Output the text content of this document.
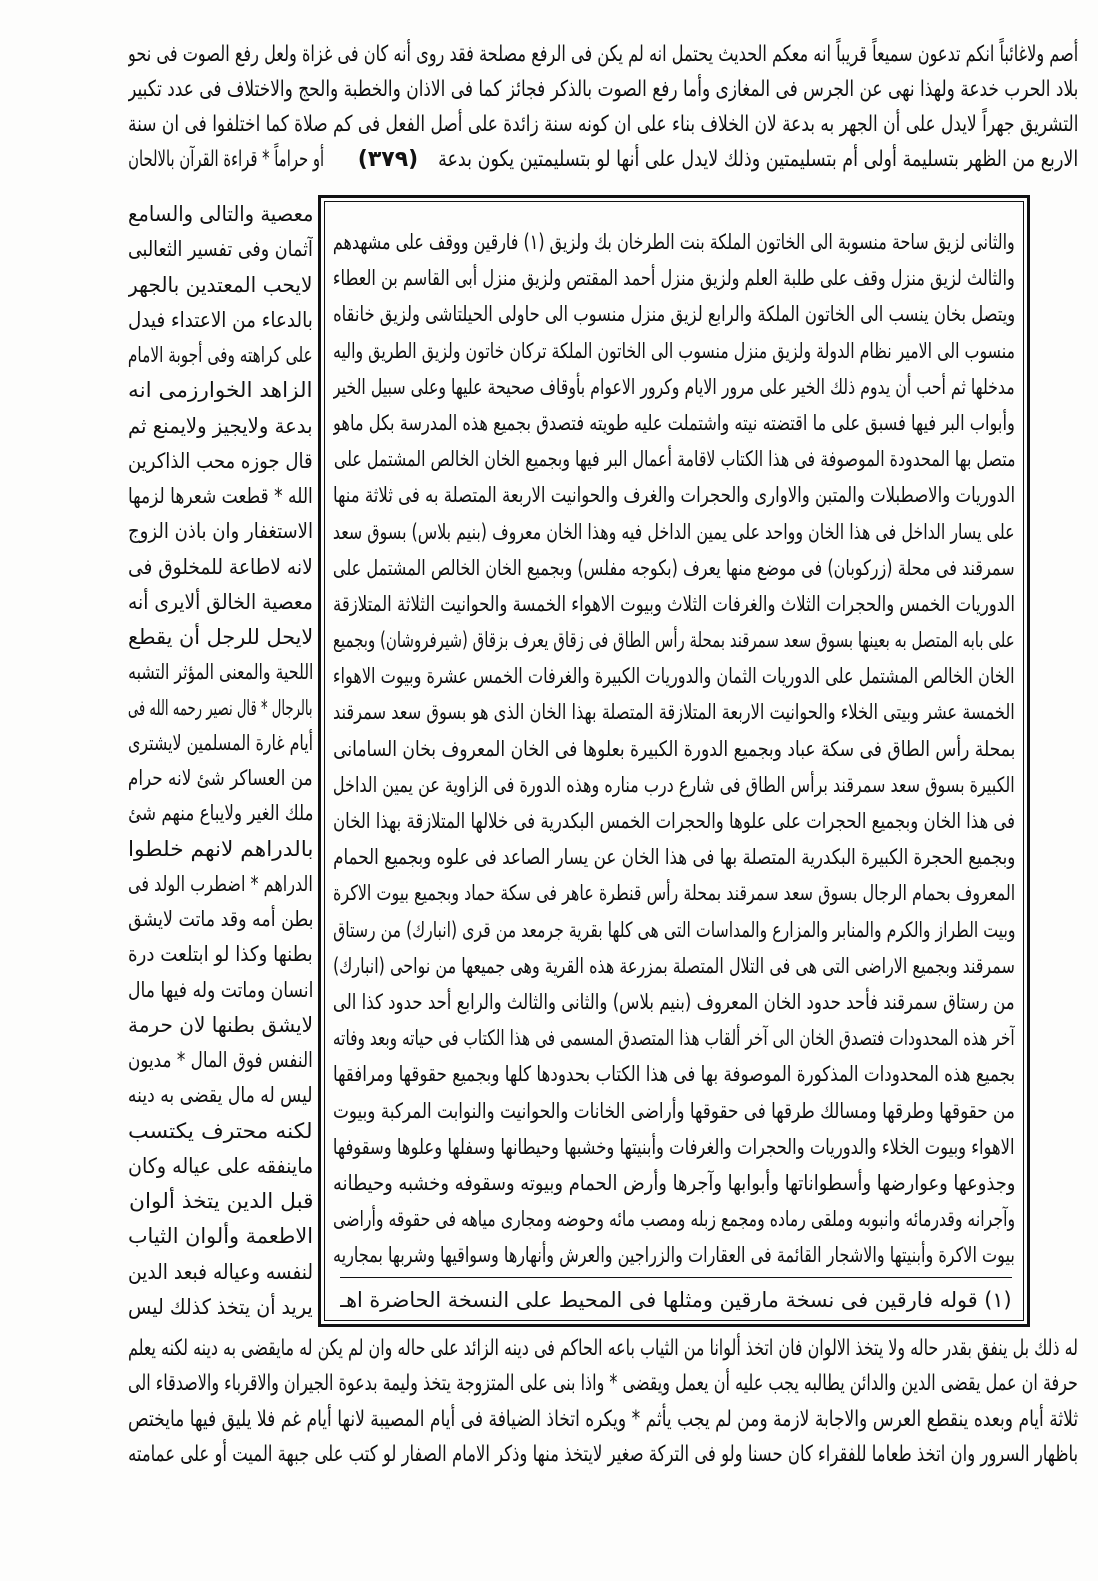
أصم ولاغائباً انكم تدعون سميعاً قريباً انه معكم الحديث يحتمل انه لم يكن فى الرفع مصلحة فقد روى أنه كان فى غزاة ولعل رفع الصوت فى نحو
بلاد الحرب خدعة ولهذا نهى عن الجرس فى المغازى وأما رفع الصوت بالذكر فجائز كما فى الاذان والخطبة والحج والاختلاف فى عدد تكبير
التشريق جهراً لايدل على أن الجهر به بدعة لان الخلاف بناء على ان كونه سنة زائدة على أصل الفعل فى كم صلاة كما اختلفوا فى ان سنة
الاربع من الظهر بتسليمة أولى أم بتسليمتين وذلك لايدل على أنها لو بتسليمتين يكون بدعة
(٣٧٩)
أو حراماً * قراءة القرآن بالالحان
والثانى لزيق ساحة منسوبة الى الخاتون الملكة بنت الطرخان بك ولزيق (١) فارقين ووقف على مشهدهم
والثالث لزيق منزل وقف على طلبة العلم ولزيق منزل أحمد المقتص ولزيق منزل أبى القاسم بن العطاء
ويتصل بخان ينسب الى الخاتون الملكة والرابع لزيق منزل منسوب الى حاولى الحيلتاشى ولزيق خانقاه
منسوب الى الامير نظام الدولة ولزيق منزل منسوب الى الخاتون الملكة تركان خاتون ولزيق الطريق واليه
مدخلها ثم أحب أن يدوم ذلك الخير على مرور الايام وكرور الاعوام بأوقاف صحيحة عليها وعلى سبيل الخير
وأبواب البر فيها فسبق على ما اقتضته نيته واشتملت عليه طويته فتصدق بجميع هذه المدرسة بكل ماهو
متصل بها المحدودة الموصوفة فى هذا الكتاب لاقامة أعمال البر فيها وبجميع الخان الخالص المشتمل على
الدوريات والاصطبلات والمتبن والاوارى والحجرات والغرف والحوانيت الاربعة المتصلة به فى ثلاثة منها
على يسار الداخل فى هذا الخان وواحد على يمين الداخل فيه وهذا الخان معروف (بنيم بلاس) بسوق سعد
سمرقند فى محلة (زركوبان) فى موضع منها يعرف (بكوجه مفلس) وبجميع الخان الخالص المشتمل على
الدوريات الخمس والحجرات الثلاث والغرفات الثلاث وبيوت الاهواء الخمسة والحوانيت الثلاثة المتلازقة
على بابه المتصل به بعينها بسوق سعد سمرقند بمحلة رأس الطاق فى زقاق يعرف بزقاق (شيرفروشان) وبجميع
الخان الخالص المشتمل على الدوريات الثمان والدوريات الكبيرة والغرفات الخمس عشرة وبيوت الاهواء
الخمسة عشر وبيتى الخلاء والحوانيت الاربعة المتلازقة المتصلة بهذا الخان الذى هو بسوق سعد سمرقند
بمحلة رأس الطاق فى سكة عباد وبجميع الدورة الكبيرة بعلوها فى الخان المعروف بخان السامانى
الكبيرة بسوق سعد سمرقند برأس الطاق فى شارع درب مناره وهذه الدورة فى الزاوية عن يمين الداخل
فى هذا الخان وبجميع الحجرات على علوها والحجرات الخمس البكدرية فى خلالها المتلازقة بهذا الخان
وبجميع الحجرة الكبيرة البكدرية المتصلة بها فى هذا الخان عن يسار الصاعد فى علوه وبجميع الحمام
المعروف بحمام الرجال بسوق سعد سمرقند بمحلة رأس قنطرة عاهر فى سكة حماد وبجميع بيوت الاكرة
وبيت الطراز والكرم والمنابر والمزارع والمداسات التى هى كلها بقرية جرمعد من قرى (انبارك) من رستاق
سمرقند وبجميع الاراضى التى هى فى التلال المتصلة بمزرعة هذه القرية وهى جميعها من نواحى (انبارك)
من رستاق سمرقند فأحد حدود الخان المعروف (بنيم بلاس) والثانى والثالث والرابع أحد حدود كذا الى
آخر هذه المحدودات فتصدق الخان الى آخر ألقاب هذا المتصدق المسمى فى هذا الكتاب فى حياته وبعد وفاته
بجميع هذه المحدودات المذكورة الموصوفة بها فى هذا الكتاب بحدودها كلها وبجميع حقوقها ومرافقها
من حقوقها وطرقها ومسالك طرقها فى حقوقها وأراضى الخانات والحوانيت والنوابت المركبة وبيوت
الاهواء وبيوت الخلاء والدوريات والحجرات والغرفات وأبنيتها وخشبها وحيطانها وسفلها وعلوها وسقوفها
وجذوعها وعوارضها وأسطواناتها وأبوابها وآجرها وأرض الحمام وبيوته وسقوفه وخشبه وحيطانه
وآجرانه وقدرمائه وانبوبه وملقى رماده ومجمع زبله ومصب مائه وحوضه ومجارى مياهه فى حقوقه وأراضى
بيوت الاكرة وأبنيتها والاشجار القائمة فى العقارات والزراجين والعرش وأنهارها وسواقيها وشربها بمجاريه
(١) قوله فارقين فى نسخة مارقين ومثلها فى المحيط على النسخة الحاضرة اهـ
معصية والتالى والسامع
آثمان وفى تفسير الثعالبى
لايحب المعتدين بالجهر
بالدعاء من الاعتداء فيدل
على كراهته وفى أجوبة الامام
الزاهد الخوارزمى انه
بدعة ولايجيز ولايمنع ثم
قال جوزه محب الذاكرين
الله * قطعت شعرها لزمها
الاستغفار وان باذن الزوج
لانه لاطاعة للمخلوق فى
معصية الخالق ألايرى أنه
لايحل للرجل أن يقطع
اللحية والمعنى المؤثر التشبه
بالرجال * قال نصير رحمه الله فى
أيام غارة المسلمين لايشترى
من العساكر شئ لانه حرام
ملك الغير ولايباع منهم شئ
بالدراهم لانهم خلطوا
الدراهم * اضطرب الولد فى
بطن أمه وقد ماتت لايشق
بطنها وكذا لو ابتلعت درة
انسان وماتت وله فيها مال
لايشق بطنها لان حرمة
النفس فوق المال * مديون
ليس له مال يقضى به دينه
لكنه محترف يكتسب
ماينفقه على عياله وكان
قبل الدين يتخذ ألوان
الاطعمة وألوان الثياب
لنفسه وعياله فبعد الدين
يريد أن يتخذ كذلك ليس
له ذلك بل ينفق بقدر حاله ولا يتخذ الالوان فان اتخذ ألوانا من الثياب باعه الحاكم فى دينه الزائد على حاله وان لم يكن له مايقضى به دينه لكنه يعلم
حرفة ان عمل يقضى الدين والدائن يطالبه يجب عليه أن يعمل ويقضى * واذا بنى على المتزوجة يتخذ وليمة بدعوة الجيران والاقرباء والاصدقاء الى
ثلاثة أيام وبعده ينقطع العرس والاجابة لازمة ومن لم يجب يأثم * ويكره اتخاذ الضيافة فى أيام المصيبة لانها أيام غم فلا يليق فيها مايختص
باظهار السرور وان اتخذ طعاما للفقراء كان حسنا ولو فى التركة صغير لايتخذ منها وذكر الامام الصفار لو كتب على جبهة الميت أو على عمامته
